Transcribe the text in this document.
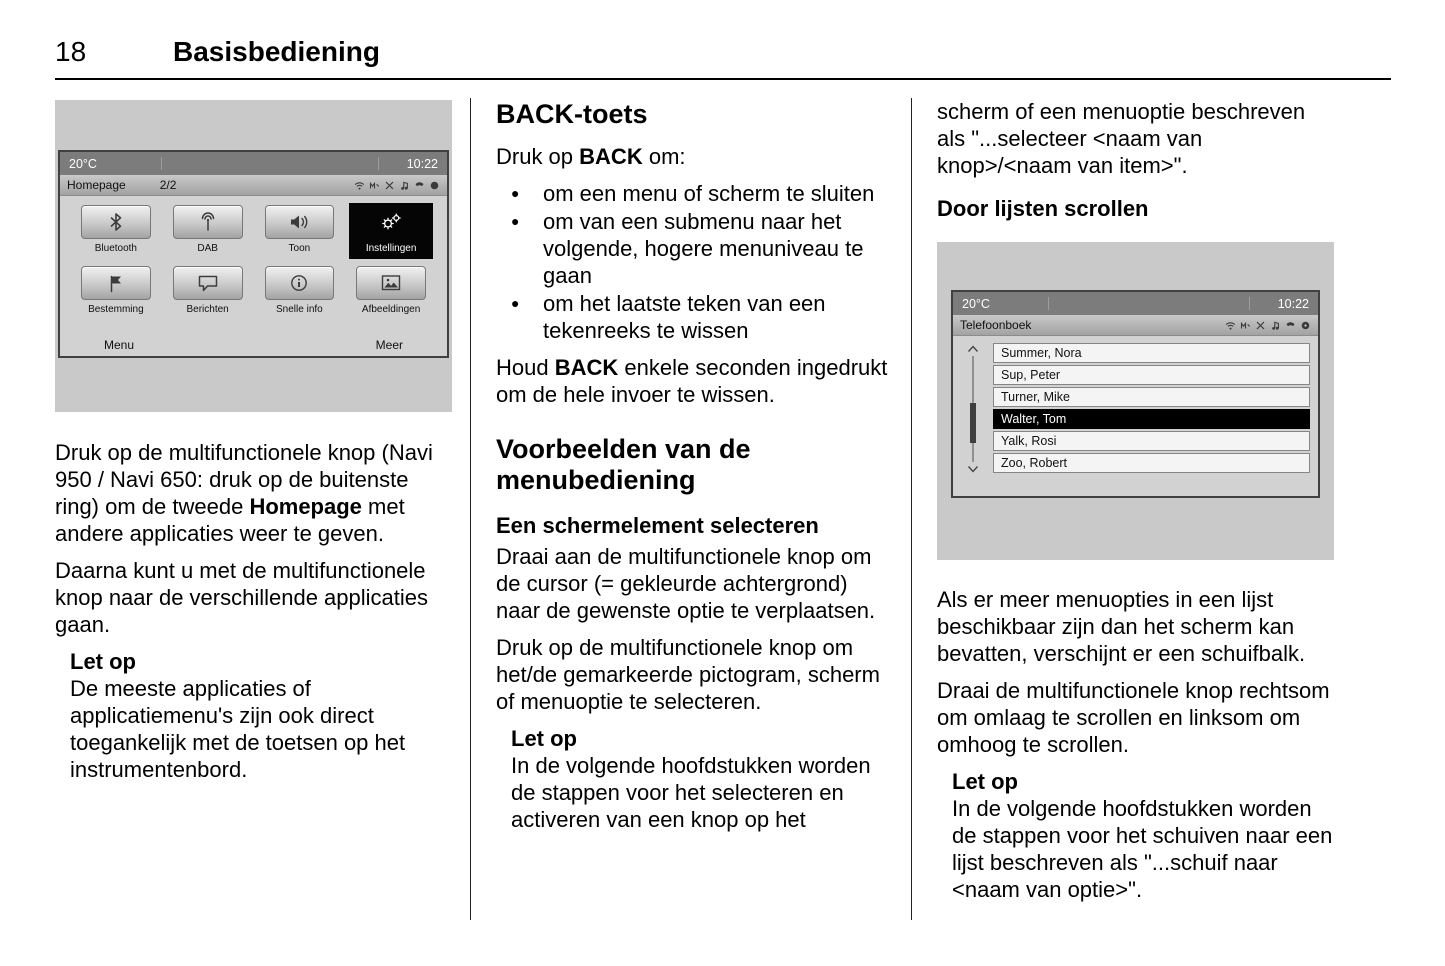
18	Basisbediening
20°C	10:22
Homepage	2/2
Bluetooth	DAB	Toon	Instellingen
Bestemming	Berichten	Snelle info	Afbeeldingen
Menu	Meer

Druk op de multifunctionele knop (Navi 950 / Navi 650: druk op de buitenste ring) om de tweede Homepage met andere applicaties weer te geven.

Daarna kunt u met de multifunctionele knop naar de verschillende applicaties gaan.

Let op

De meeste applicaties of applicatiemenu's zijn ook direct toegankelijk met de toetsen op het instrumentenbord.

BACK-toets

Druk op BACK om:

● om een menu of scherm te sluiten
● om van een submenu naar het volgende, hogere menuniveau te gaan
● om het laatste teken van een tekenreeks te wissen

Houd BACK enkele seconden ingedrukt om de hele invoer te wissen.

Voorbeelden van de menubediening

Een schermelement selecteren

Draai aan de multifunctionele knop om de cursor (= gekleurde achtergrond) naar de gewenste optie te verplaatsen.

Druk op de multifunctionele knop om het/de gemarkeerde pictogram, scherm of menuoptie te selecteren.

Let op

In de volgende hoofdstukken worden de stappen voor het selecteren en activeren van een knop op het

scherm of een menuoptie beschreven als "...selecteer <naam van knop>/<naam van item>".

Door lijsten scrollen

20°C	10:22
Telefoonboek
Summer, Nora
Sup, Peter
Turner, Mike
Walter, Tom
Yalk, Rosi
Zoo, Robert

Als er meer menuopties in een lijst beschikbaar zijn dan het scherm kan bevatten, verschijnt er een schuifbalk.

Draai de multifunctionele knop rechtsom om omlaag te scrollen en linksom om omhoog te scrollen.

Let op

In de volgende hoofdstukken worden de stappen voor het schuiven naar een lijst beschreven als "...schuif naar <naam van optie>".
